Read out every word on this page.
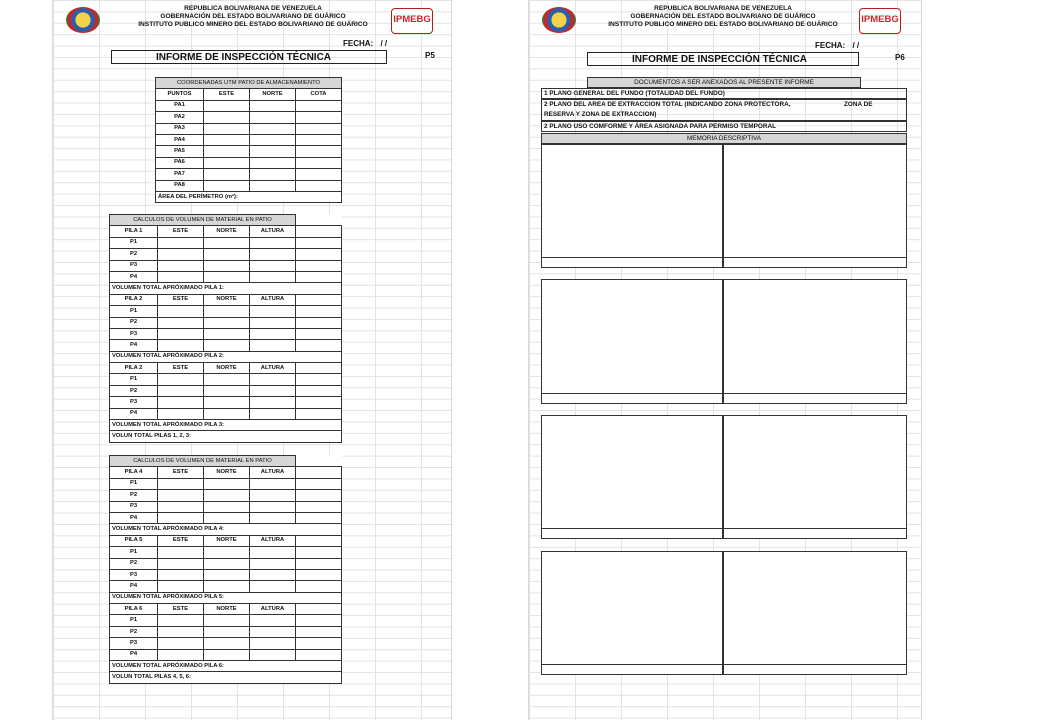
REPUBLICA BOLIVARIANA DE VENEZUELA
GOBERNACIÓN DEL ESTADO BOLIVARIANO DE GUÁRICO
INSTITUTO PUBLICO MINERO DEL ESTADO BOLIVARIANO DE GUÁRICO	IPMEBG
FECHA: / /
INFORME DE INSPECCIÓN TÉCNICA	P5
COORDENADAS UTM PATIO DE ALMACENAMIENTO			
PUNTOS	ESTE	NORTE	COTA
PA1			
PA2			
PA3			
PA4			
PA5			
PA6			
PA7			
PA8			
ÁREA DEL PERÍMETRO (m²):			
CALCULOS DE VOLUMEN DE MATERIAL EN PATIO				
PILA 1	ESTE	NORTE	ALTURA	
P1				
P2				
P3				
P4				
VOLUMEN TOTAL APRÓXIMADO PILA 1:				
PILA 2	ESTE	NORTE	ALTURA	
P1				
P2				
P3				
P4				
VOLUMEN TOTAL APRÓXIMADO PILA 2:				
PILA 2	ESTE	NORTE	ALTURA	
P1				
P2				
P3				
P4				
VOLUMEN TOTAL APRÓXIMADO PILA 3:				
VOLUN TOTAL PILAS 1, 2, 3:				
CALCULOS DE VOLUMEN DE MATERIAL EN PATIO				
PILA 4	ESTE	NORTE	ALTURA	
P1				
P2				
P3				
P4				
VOLUMEN TOTAL APRÓXIMADO PILA 4:				
PILA 5	ESTE	NORTE	ALTURA	
P1				
P2				
P3				
P4				
VOLUMEN TOTAL APRÓXIMADO PILA 5:				
PILA 6	ESTE	NORTE	ALTURA	
P1				
P2				
P3				
P4				
VOLUMEN TOTAL APRÓXIMADO PILA 6:				
VOLUN TOTAL PILAS 4, 5, 6:				
REPUBLICA BOLIVARIANA DE VENEZUELA
GOBERNACIÓN DEL ESTADO BOLIVARIANO DE GUÁRICO
INSTITUTO PUBLICO MINERO DEL ESTADO BOLIVARIANO DE GUÁRICO	IPMEBG
FECHA: / /
INFORME DE INSPECCIÓN TÉCNICA	P6
DOCUMENTOS A SER ANEXADOS AL PRESENTE INFORME
1 PLANO GENERAL DEL FUNDO (TOTALIDAD DEL FUNDO)
2 PLANO DEL AREA DE EXTRACCION TOTAL (INDICANDO ZONA PROTECTORA,	ZONA DE

RESERVA Y ZONA DE EXTRACCION)
2 PLANO USO COMFORME Y ÁREA ASIGNADA PARA PERMISO TEMPORAL
MEMORIA DESCRIPTIVA
